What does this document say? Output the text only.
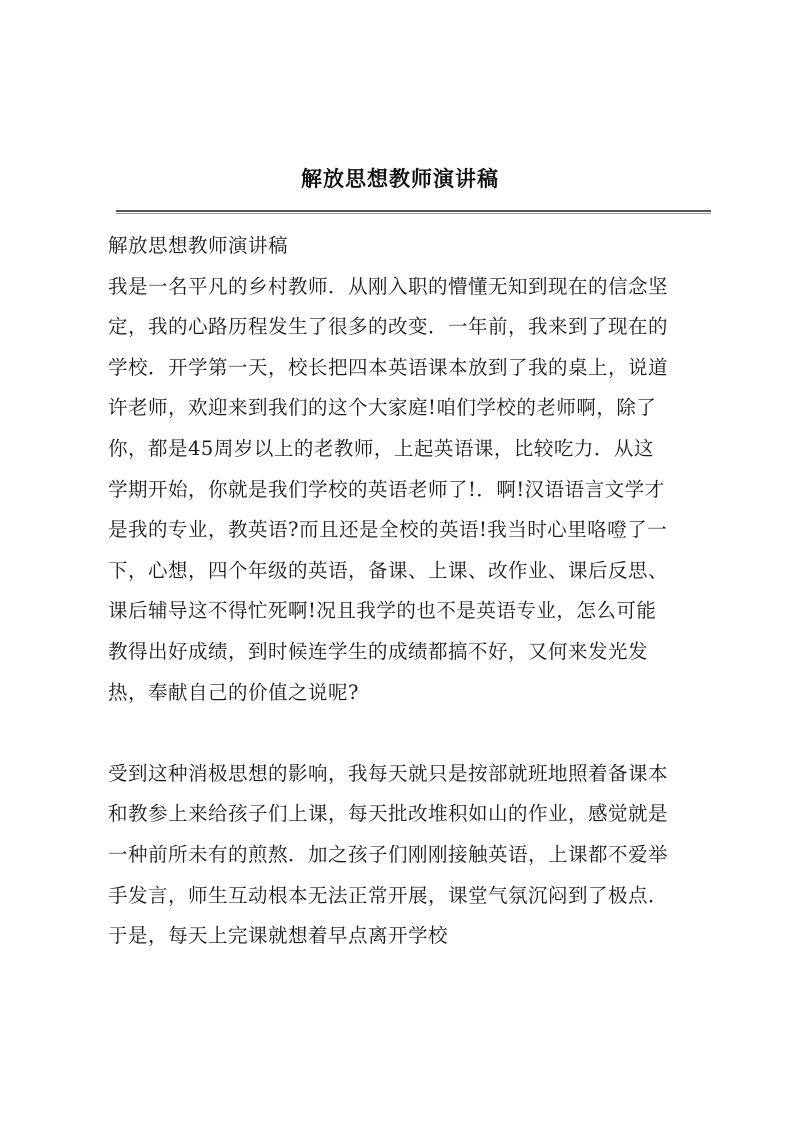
解放思想教师演讲稿
解放思想教师演讲稿
我是一名平凡的乡村教师．从刚入职的懵懂无知到现在的信念坚
定，我的心路历程发生了很多的改变．一年前，我来到了现在的
学校．开学第一天，校长把四本英语课本放到了我的桌上，说道
许老师，欢迎来到我们的这个大家庭!咱们学校的老师啊，除了
你，都是45周岁以上的老教师，上起英语课，比较吃力．从这
学期开始，你就是我们学校的英语老师了!．啊!汉语语言文学才
是我的专业，教英语?而且还是全校的英语!我当时心里咯噔了一
下，心想，四个年级的英语，备课、上课、改作业、课后反思、
课后辅导这不得忙死啊!况且我学的也不是英语专业，怎么可能
教得出好成绩，到时候连学生的成绩都搞不好，又何来发光发
热，奉献自己的价值之说呢?
受到这种消极思想的影响，我每天就只是按部就班地照着备课本
和教参上来给孩子们上课，每天批改堆积如山的作业，感觉就是
一种前所未有的煎熬．加之孩子们刚刚接触英语，上课都不爱举
手发言，师生互动根本无法正常开展，课堂气氛沉闷到了极点．
于是，每天上完课就想着早点离开学校
